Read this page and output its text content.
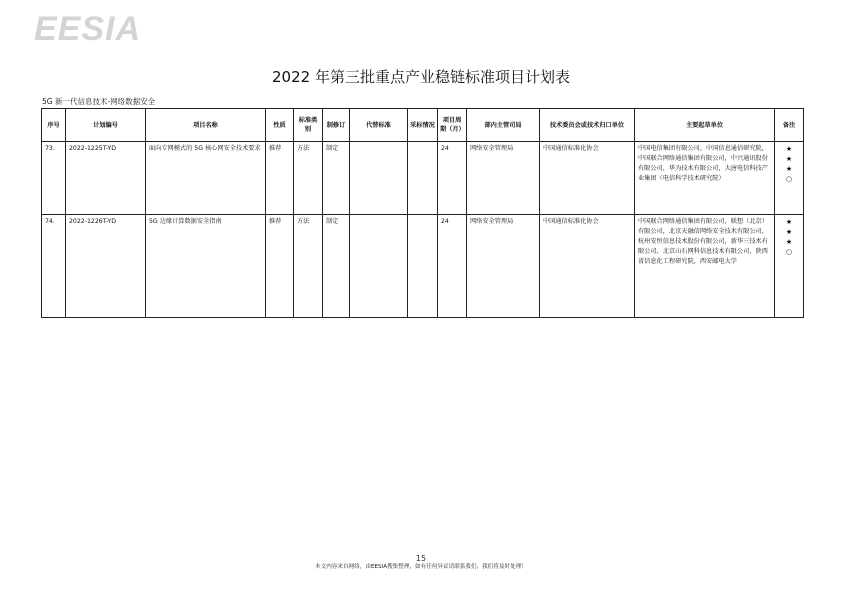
EESIA
2022 年第三批重点产业稳链标准项目计划表
5G 新一代信息技术-网络数据安全
序号	计划编号	项目名称	性质	标准类别	制修订	代替标准	采标情况	项目周期（月）	部内主管司局	技术委员会或技术归口单位	主要起草单位	备注
73.	2022-1225T-YD	面向专网模式的 5G 核心网安全技术要求	推荐	方法	制定			24	网络安全管理局	中国通信标准化协会	中国电信集团有限公司，中国信息通信研究院，中国联合网络通信集团有限公司，中兴通讯股份有限公司，华为技术有限公司，大唐电信科技产业集团（电信科学技术研究院）	★
★
★
○

74.	2022-1226T-YD	5G 边缘计算数据安全指南	推荐	方法	制定			24	网络安全管理局	中国通信标准化协会	中国联合网络通信集团有限公司，联想（北京）有限公司，北京天融信网络安全技术有限公司，杭州安恒信息技术股份有限公司，新华三技术有限公司，北京山石网科信息技术有限公司，陕西省信息化工程研究院，西安邮电大学	★
★
★
○
15
本文内容来自网络，由EESIA搜集整理，如有任何异议请联系我们，我们将及时处理！
